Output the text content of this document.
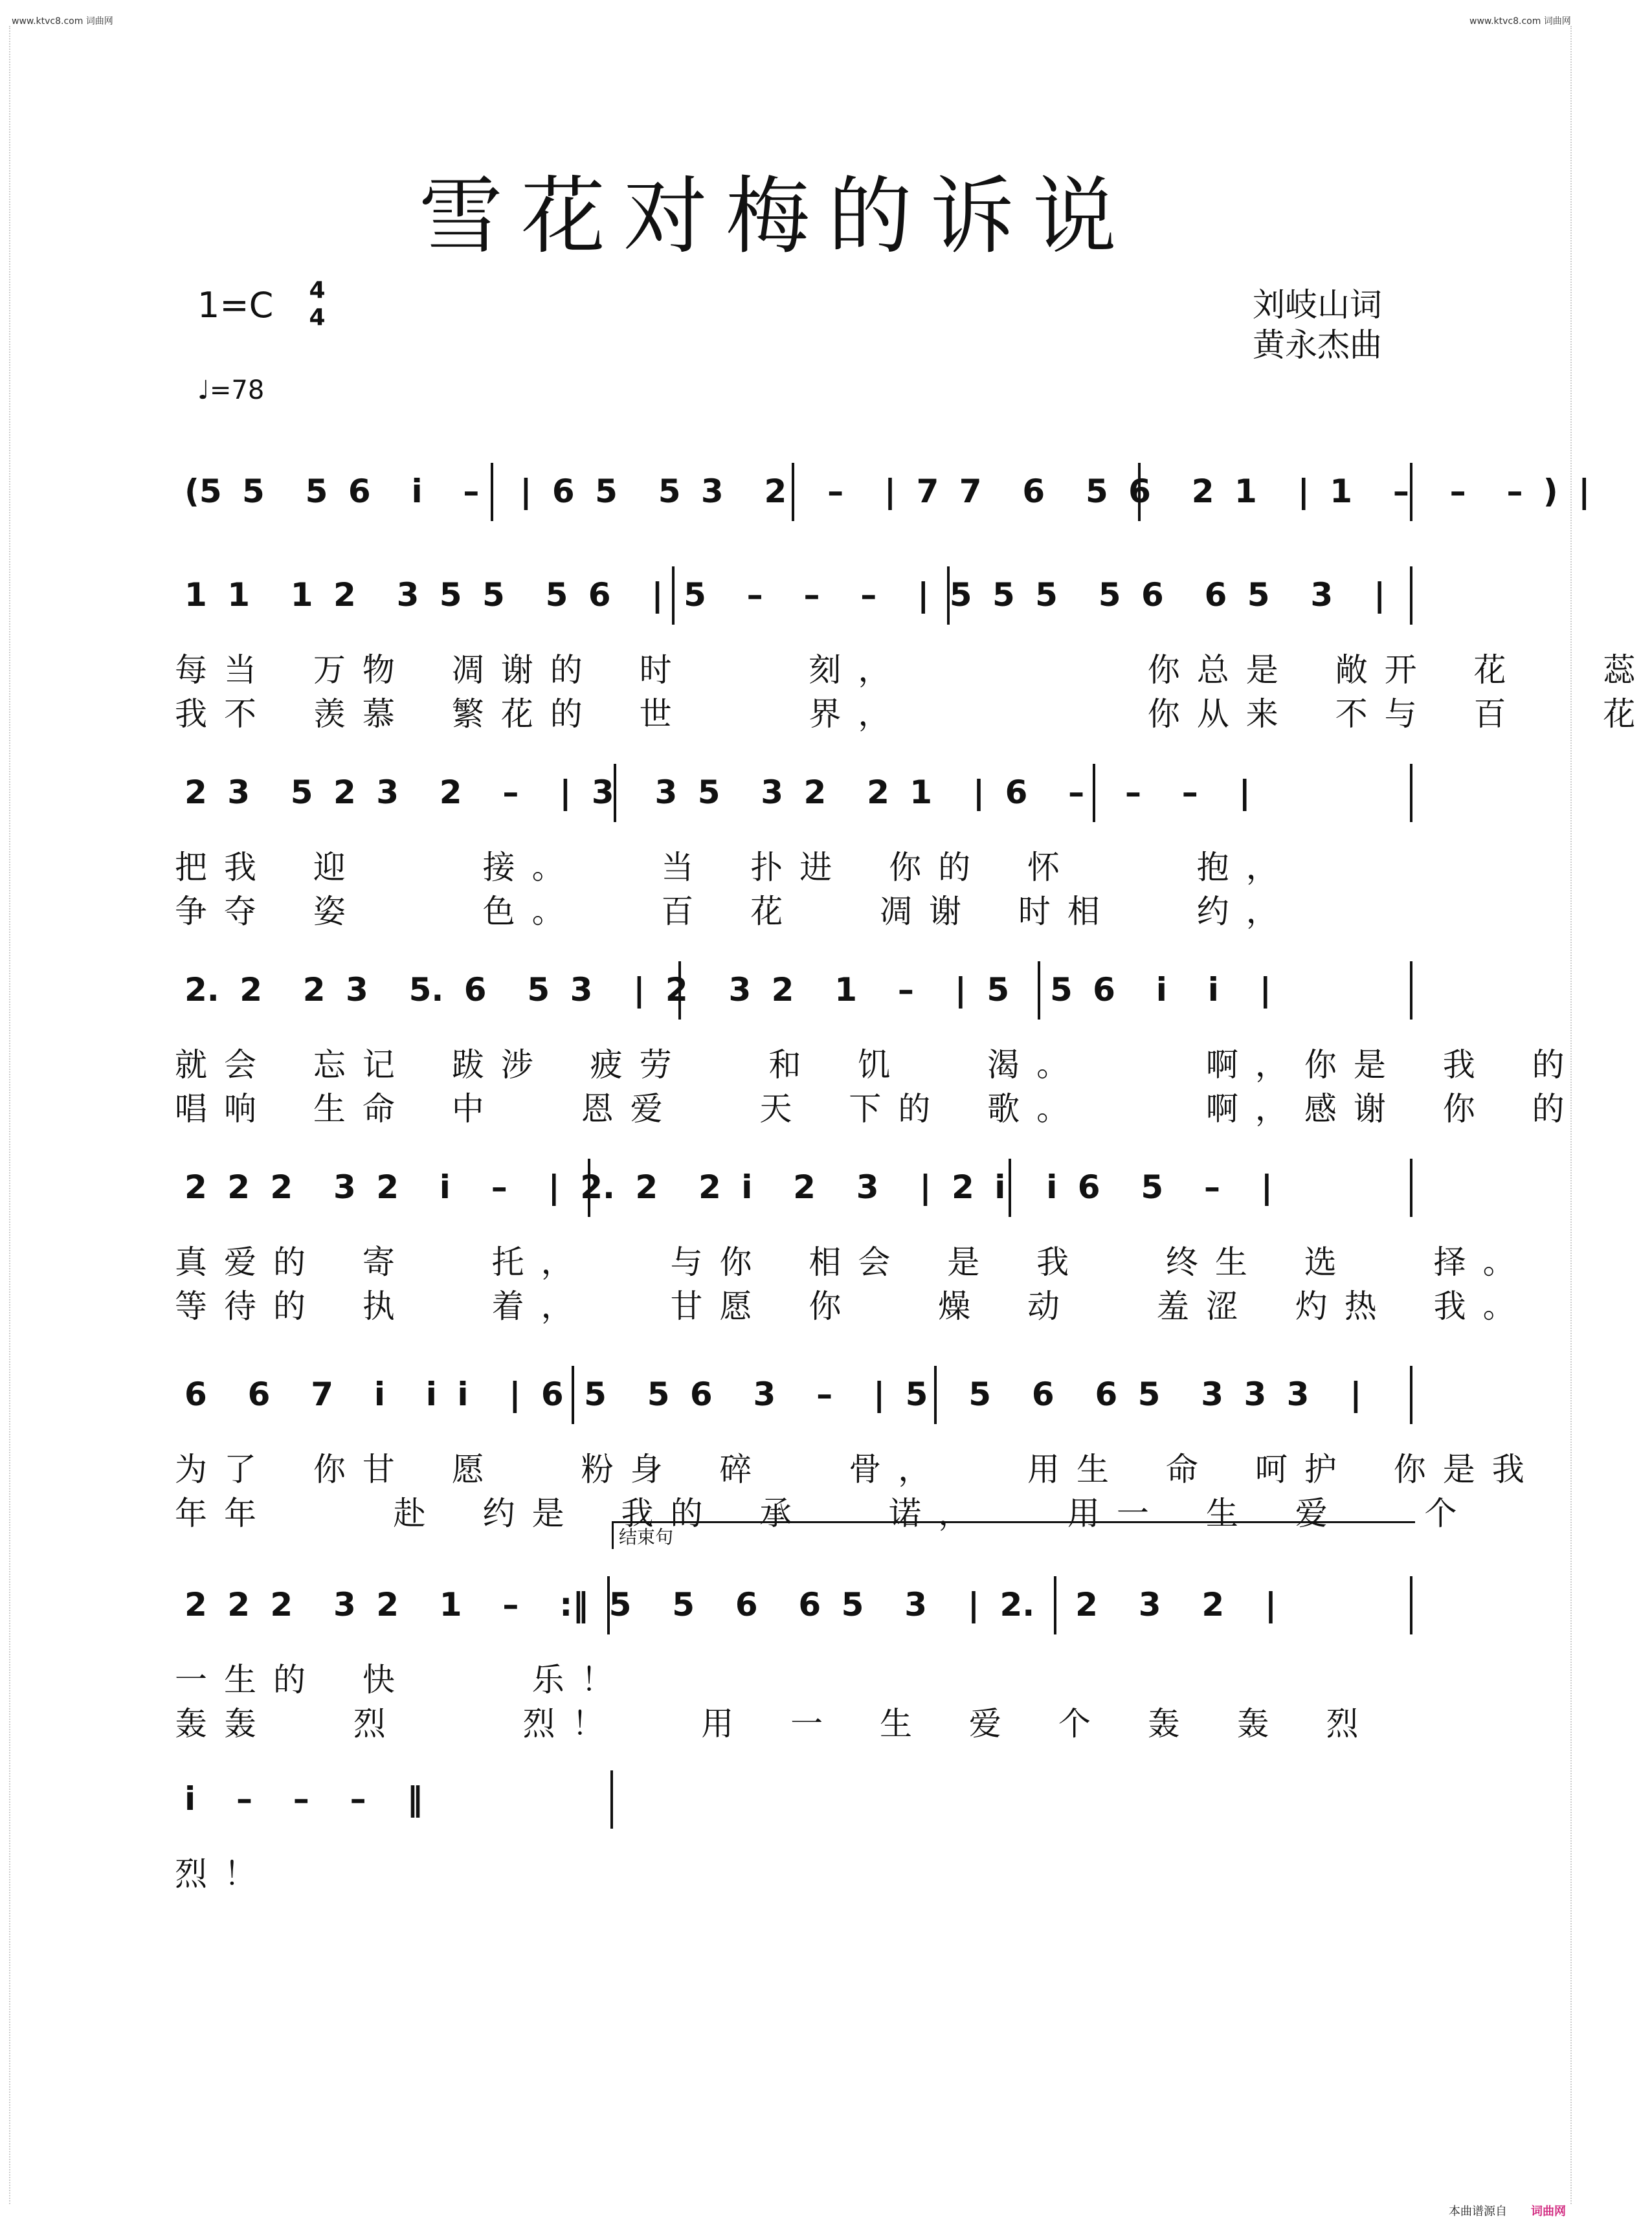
www.ktvc8.com 词曲网	www.ktvc8.com 词曲网
雪花对梅的诉说
1=C 4
4
♩=78
刘岐山词
黄永杰曲
(5 5  5 6  i  –  | 6 5  5 3  2  –  | 7 7  6  5 6  2 1  | 1  –  –  – ) |
1 1  1 2  3 5 5  5 6  | 5  –  –  –  | 5 5 5  5 6  6 5  3  |
每当 万物 凋谢的 时   刻，      你总是 敞开 花  蕊
我不 羡慕 繁花的 世   界，      你从来 不与 百  花
2 3  5 2 3  2  –  | 3  3 5  3 2  2 1  | 6  –  –  –  |
把我 迎   接。  当 扑进 你的 怀   抱，
争夺 姿   色。  百 花  凋谢 时相  约，
2. 2  2 3  5. 6  5 3  | 2  3 2  1  –  | 5  5 6  i  i  |
就会 忘记 跋涉 疲劳  和 饥  渴。   啊，你是 我 的
唱响 生命 中  恩爱  天 下的 歌。   啊，感谢 你 的
2 2 2  3 2  i  –  | 2. 2  2 i  2  3  | 2 i  i 6  5  –  |
真爱的 寄  托，  与你 相会 是 我  终生 选  择。
等待的 执  着，  甘愿 你  燥 动  羞涩 灼热 我。
6  6  7  i  i i  | 6 5  5 6  3  –  | 5  5  6  6 5  3 3 3  |
为了 你甘 愿  粉身 碎  骨，  用生 命 呵护 你是我
年年   赴 约是 我的 承  诺，  用一 生 爱  个
2 2 2  3 2  1  –  :‖ 5  5  6  6 5  3  | 2.  2  3  2  |
结束句
一生的 快   乐！
轰轰  烈   烈！  用 一 生 爱 个 轰 轰 烈
i  –  –  –  ‖
烈！
本曲谱源自 词曲网
